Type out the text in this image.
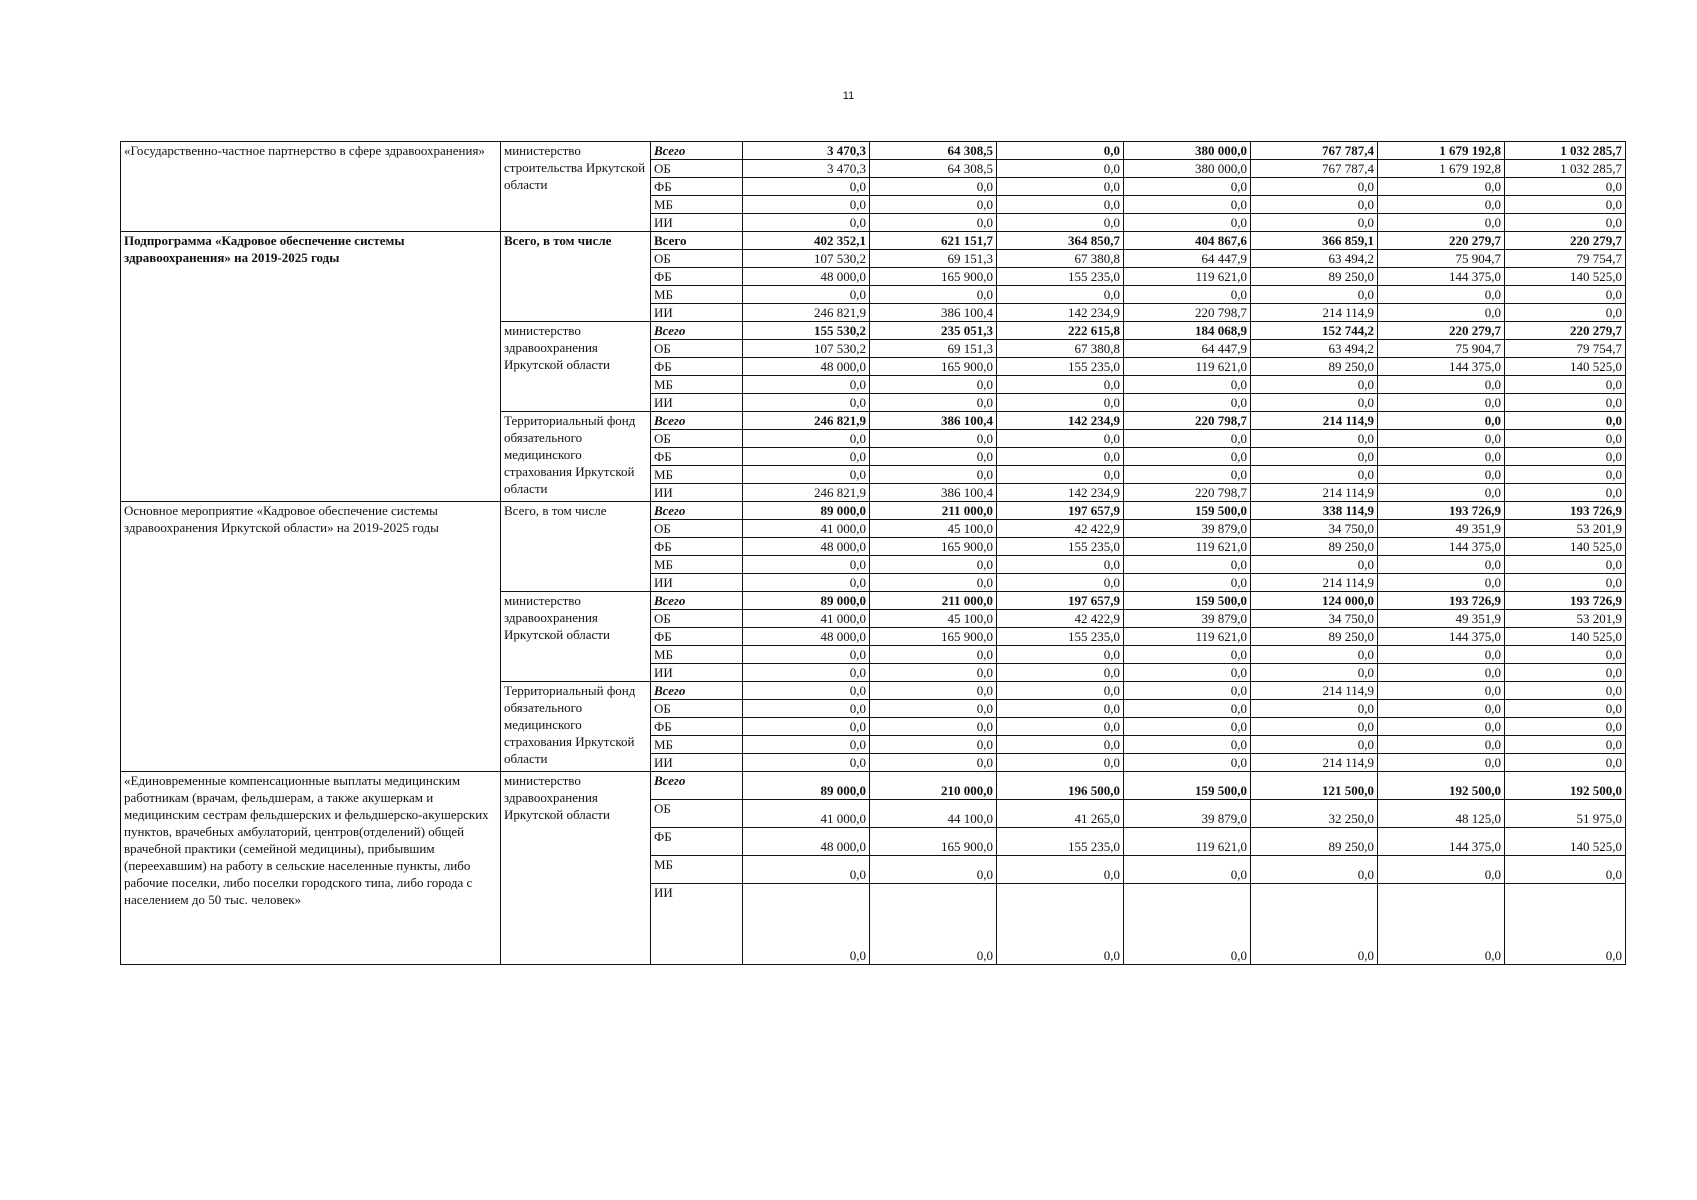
11
«Государственно-частное партнерство в сфере здравоохранения»	министерство строительства Иркутской области	Всего	3 470,3	64 308,5	0,0	380 000,0	767 787,4	1 679 192,8	1 032 285,7
		ОБ	3 470,3	64 308,5	0,0	380 000,0	767 787,4	1 679 192,8	1 032 285,7
		ФБ	0,0	0,0	0,0	0,0	0,0	0,0	0,0
		МБ	0,0	0,0	0,0	0,0	0,0	0,0	0,0
		ИИ	0,0	0,0	0,0	0,0	0,0	0,0	0,0
Подпрограмма «Кадровое обеспечение системы здравоохранения» на 2019-2025 годы	Всего, в том числе	Всего	402 352,1	621 151,7	364 850,7	404 867,6	366 859,1	220 279,7	220 279,7
		ОБ	107 530,2	69 151,3	67 380,8	64 447,9	63 494,2	75 904,7	79 754,7
		ФБ	48 000,0	165 900,0	155 235,0	119 621,0	89 250,0	144 375,0	140 525,0
		МБ	0,0	0,0	0,0	0,0	0,0	0,0	0,0
		ИИ	246 821,9	386 100,4	142 234,9	220 798,7	214 114,9	0,0	0,0
	министерство здравоохранения Иркутской области	Всего	155 530,2	235 051,3	222 615,8	184 068,9	152 744,2	220 279,7	220 279,7
		ОБ	107 530,2	69 151,3	67 380,8	64 447,9	63 494,2	75 904,7	79 754,7
		ФБ	48 000,0	165 900,0	155 235,0	119 621,0	89 250,0	144 375,0	140 525,0
		МБ	0,0	0,0	0,0	0,0	0,0	0,0	0,0
		ИИ	0,0	0,0	0,0	0,0	0,0	0,0	0,0
	Территориальный фонд обязательного медицинского страхования Иркутской области	Всего	246 821,9	386 100,4	142 234,9	220 798,7	214 114,9	0,0	0,0
		ОБ	0,0	0,0	0,0	0,0	0,0	0,0	0,0
		ФБ	0,0	0,0	0,0	0,0	0,0	0,0	0,0
		МБ	0,0	0,0	0,0	0,0	0,0	0,0	0,0
		ИИ	246 821,9	386 100,4	142 234,9	220 798,7	214 114,9	0,0	0,0
Основное мероприятие «Кадровое обеспечение системы здравоохранения Иркутской области» на 2019-2025 годы	Всего, в том числе	Всего	89 000,0	211 000,0	197 657,9	159 500,0	338 114,9	193 726,9	193 726,9
		ОБ	41 000,0	45 100,0	42 422,9	39 879,0	34 750,0	49 351,9	53 201,9
		ФБ	48 000,0	165 900,0	155 235,0	119 621,0	89 250,0	144 375,0	140 525,0
		МБ	0,0	0,0	0,0	0,0	0,0	0,0	0,0
		ИИ	0,0	0,0	0,0	0,0	214 114,9	0,0	0,0
	министерство здравоохранения Иркутской области	Всего	89 000,0	211 000,0	197 657,9	159 500,0	124 000,0	193 726,9	193 726,9
		ОБ	41 000,0	45 100,0	42 422,9	39 879,0	34 750,0	49 351,9	53 201,9
		ФБ	48 000,0	165 900,0	155 235,0	119 621,0	89 250,0	144 375,0	140 525,0
		МБ	0,0	0,0	0,0	0,0	0,0	0,0	0,0
		ИИ	0,0	0,0	0,0	0,0	0,0	0,0	0,0
	Территориальный фонд обязательного медицинского страхования Иркутской области	Всего	0,0	0,0	0,0	0,0	214 114,9	0,0	0,0
		ОБ	0,0	0,0	0,0	0,0	0,0	0,0	0,0
		ФБ	0,0	0,0	0,0	0,0	0,0	0,0	0,0
		МБ	0,0	0,0	0,0	0,0	0,0	0,0	0,0
		ИИ	0,0	0,0	0,0	0,0	214 114,9	0,0	0,0
«Единовременные компенсационные выплаты медицинским работникам (врачам, фельдшерам, а также акушеркам и медицинским сестрам фельдшерских и фельдшерско-акушерских пунктов, врачебных амбулаторий, центров(отделений) общей врачебной практики (семейной медицины), прибывшим (переехавшим) на работу в сельские населенные пункты, либо рабочие поселки, либо поселки городского типа, либо города с населением до 50 тыс. человек»	министерство здравоохранения Иркутской области	Всего	89 000,0	210 000,0	196 500,0	159 500,0	121 500,0	192 500,0	192 500,0
		ОБ	41 000,0	44 100,0	41 265,0	39 879,0	32 250,0	48 125,0	51 975,0
		ФБ	48 000,0	165 900,0	155 235,0	119 621,0	89 250,0	144 375,0	140 525,0
		МБ	0,0	0,0	0,0	0,0	0,0	0,0	0,0
		ИИ	0,0	0,0	0,0	0,0	0,0	0,0	0,0
